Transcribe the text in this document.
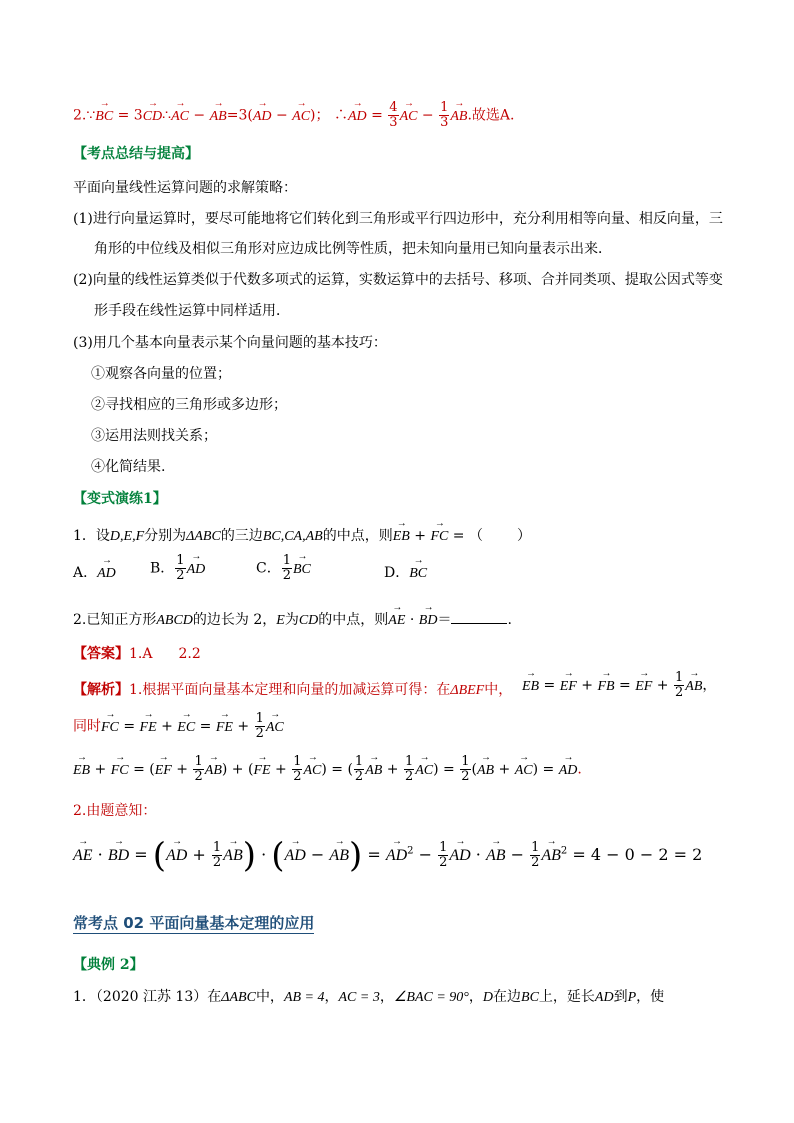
2.∵→ BC = 3→ CD∴→ AC − → AB=3(→ AD − → AC)； ∴→ AD = $\frac{4}{3}$
→ AC − $\frac{1}{3}$
→ AB.故选A.
【考点总结与提高】
平面向量线性运算问题的求解策略：
(1)进行向量运算时，要尽可能地将它们转化到三角形或平行四边形中，充分利用相等向量、相反向量，三
角形的中位线及相似三角形对应边成比例等性质，把未知向量用已知向量表示出来．
(2)向量的线性运算类似于代数多项式的运算，实数运算中的去括号、移项、合并同类项、提取公因式等变
形手段在线性运算中同样适用．
(3)用几个基本向量表示某个向量问题的基本技巧：
①观察各向量的位置；
②寻找相应的三角形或多边形；
③运用法则找关系；
④化简结果.
【变式演练1】
1．设D,E,F分别为ΔABC的三边BC,CA,AB的中点，则→ EB + → FC = （ ）
A．→ AD B． $\frac{1}{2}$
→ AD	C． $\frac{1}{2}$
→ BC	D．→ BC
2.已知正方形ABCD的边长为 2，E为CD的中点，则→ AE · → BD＝	.
【答案】1.A 2.2
【解析】1.根据平面向量基本定理和向量的加减运算可得：在ΔBEF中，
→ EB = → EF + → FB = → EF + $\frac{1}{2}$
→ AB，
同时→ FC = → FE + → EC = → FE + $\frac{1}{2}$
→ AC
→ EB + → FC = (→ EF + $\frac{1}{2}$
→ AB) + (→ FE + $\frac{1}{2}$
→ AC) = ( $\frac{1}{2}$
→ AB + $\frac{1}{2}$
→ $AC) = \frac{1}{2}$ (→ AB + → AC) = → AD.
2.由题意知：
→ AE · → BD = (→ AD + $\frac{1}{2}$
→ AB) · (→ AD − → AB) = → $AD^2 - \frac{1}{2}$
→ AD · → AB − $\frac{1}{2}$
→ $AB^2 = 4 - 0 - 2 = 2$
常考点 02 平面向量基本定理的应用
【典例 2】
1．（2020 江苏 13）在ΔABC中，AB = 4，AC = 3，∠BAC = 90°，D在边BC上，延长AD到P，使
